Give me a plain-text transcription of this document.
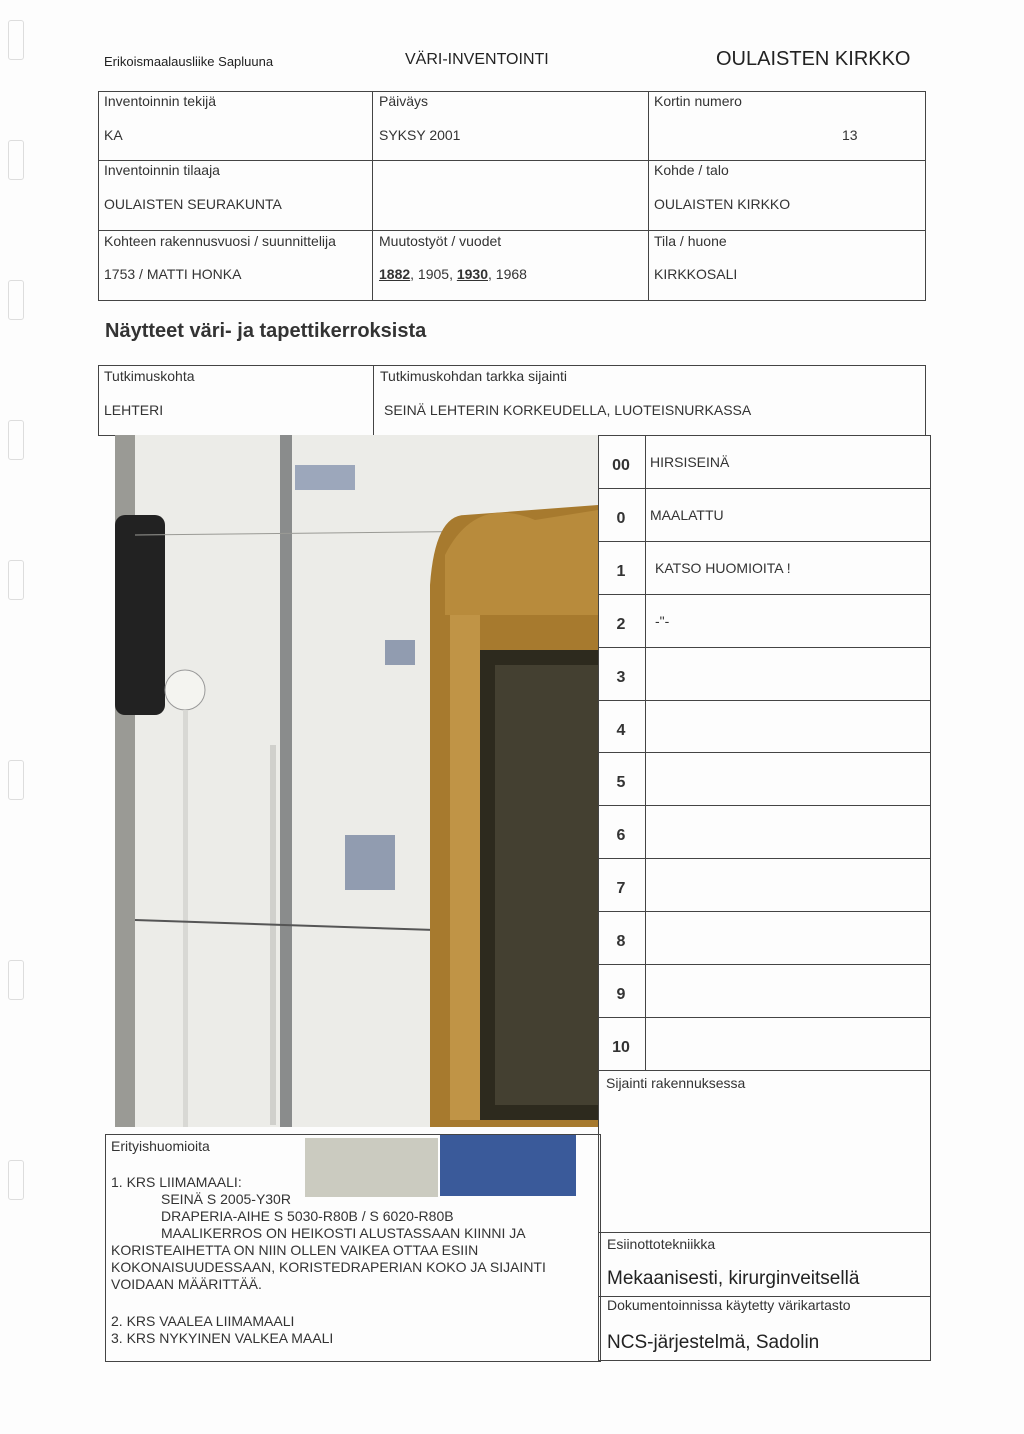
Erikoismaalausliike Sapluuna	VÄRI-INVENTOINTI	OULAISTEN KIRKKO
Inventoinnin tekijä
KA
Päiväys
SYKSY 2001
Kortin numero
13
Inventoinnin tilaaja
OULAISTEN SEURAKUNTA
Kohde / talo
OULAISTEN KIRKKO
Kohteen rakennusvuosi / suunnittelija
1753 / MATTI HONKA
Muutostyöt / vuodet
1882, 1905, 1930, 1968
Tila / huone
KIRKKOSALI
Näytteet väri- ja tapettikerroksista
Tutkimuskohta
LEHTERI
Tutkimuskohdan tarkka sijainti
SEINÄ LEHTERIN KORKEUDELLA, LUOTEISNURKASSA
00	HIRSISEINÄ
0	MAALATTU
1	KATSO HUOMIOITA !
2	-"-
3
4
5
6
7
8
9
10
Sijainti rakennuksessa
Esiinottotekniikka
Mekaanisesti, kirurginveitsellä
Dokumentoinnissa käytetty värikartasto
NCS-järjestelmä, Sadolin
Erityishuomioita
1. KRS LIIMAMAALI:
SEINÄ S 2005-Y30R
DRAPERIA-AIHE S 5030-R80B / S 6020-R80B
MAALIKERROS ON HEIKOSTI ALUSTASSAAN KIINNI JA
KORISTEAIHETTA ON NIIN OLLEN VAIKEA OTTAA ESIIN
KOKONAISUUDESSAAN, KORISTEDRAPERIAN KOKO JA SIJAINTI
VOIDAAN MÄÄRITTÄÄ.
2. KRS VAALEA LIIMAMAALI
3. KRS NYKYINEN VALKEA MAALI
